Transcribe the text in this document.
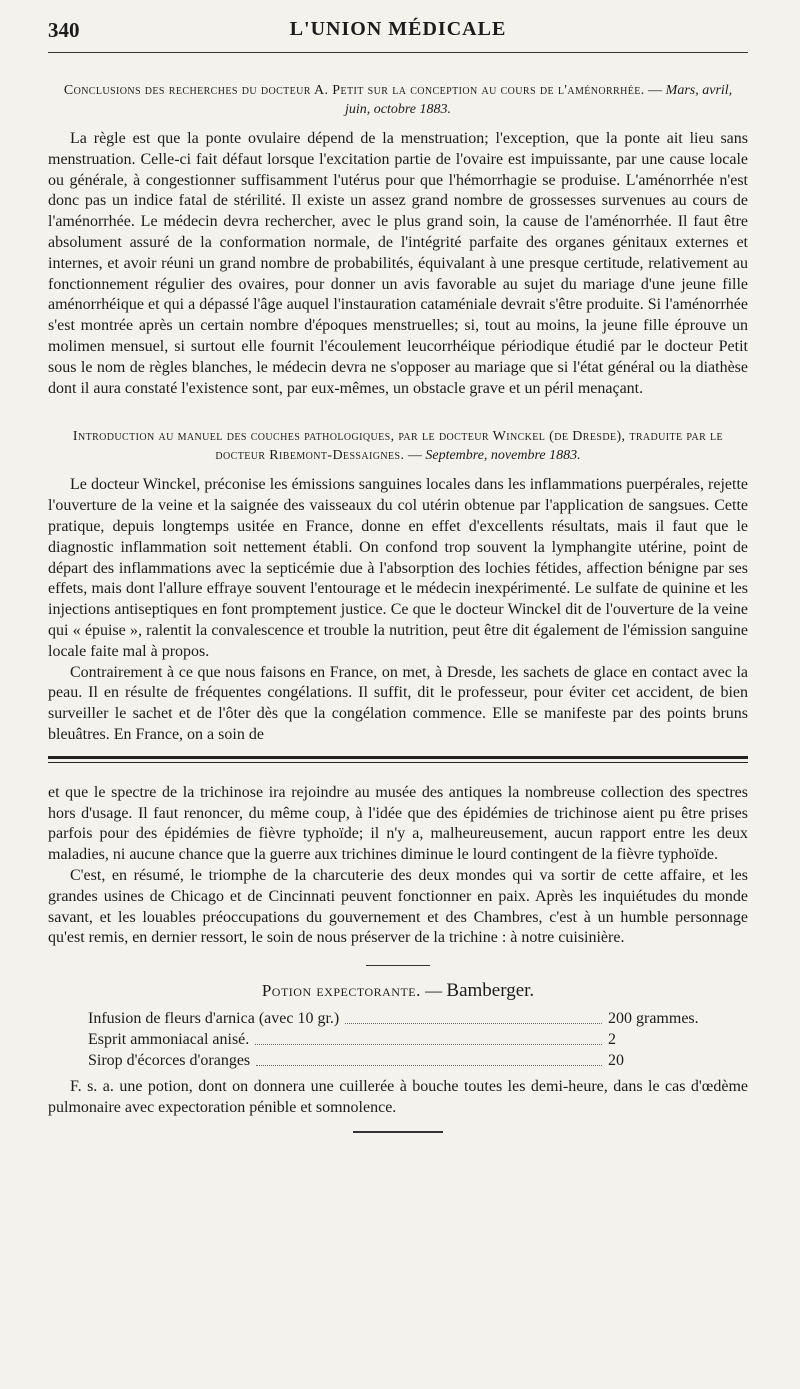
340	L'UNION MÉDICALE
Conclusions des recherches du docteur A. Petit sur la conception au cours de l'aménorrhée. — Mars, avril, juin, octobre 1883.

La règle est que la ponte ovulaire dépend de la menstruation; l'exception, que la ponte ait lieu sans menstruation. Celle-ci fait défaut lorsque l'excitation partie de l'ovaire est impuissante, par une cause locale ou générale, à congestionner suffisamment l'utérus pour que l'hémorrhagie se produise. L'aménorrhée n'est donc pas un indice fatal de stérilité. Il existe un assez grand nombre de grossesses survenues au cours de l'aménorrhée. Le médecin devra rechercher, avec le plus grand soin, la cause de l'aménorrhée. Il faut être absolument assuré de la conformation normale, de l'intégrité parfaite des organes génitaux externes et internes, et avoir réuni un grand nombre de probabilités, équivalant à une presque certitude, relativement au fonctionnement régulier des ovaires, pour donner un avis favorable au sujet du mariage d'une jeune fille aménorrhéique et qui a dépassé l'âge auquel l'instauration cataméniale devrait s'être produite. Si l'aménorrhée s'est montrée après un certain nombre d'époques menstruelles; si, tout au moins, la jeune fille éprouve un molimen mensuel, si surtout elle fournit l'écoulement leucorrhéique périodique étudié par le docteur Petit sous le nom de règles blanches, le médecin devra ne s'opposer au mariage que si l'état général ou la diathèse dont il aura constaté l'existence sont, par eux-mêmes, un obstacle grave et un péril menaçant.

Introduction au manuel des couches pathologiques, par le docteur Winckel (de Dresde), traduite par le docteur Ribemont-Dessaignes. — Septembre, novembre 1883.

Le docteur Winckel, préconise les émissions sanguines locales dans les inflammations puerpérales, rejette l'ouverture de la veine et la saignée des vaisseaux du col utérin obtenue par l'application de sangsues. Cette pratique, depuis longtemps usitée en France, donne en effet d'excellents résultats, mais il faut que le diagnostic inflammation soit nettement établi. On confond trop souvent la lymphangite utérine, point de départ des inflammations avec la septicémie due à l'absorption des lochies fétides, affection bénigne par ses effets, mais dont l'allure effraye souvent l'entourage et le médecin inexpérimenté. Le sulfate de quinine et les injections antiseptiques en font promptement justice. Ce que le docteur Winckel dit de l'ouverture de la veine qui « épuise », ralentit la convalescence et trouble la nutrition, peut être dit également de l'émission sanguine locale faite mal à propos.

Contrairement à ce que nous faisons en France, on met, à Dresde, les sachets de glace en contact avec la peau. Il en résulte de fréquentes congélations. Il suffit, dit le professeur, pour éviter cet accident, de bien surveiller le sachet et de l'ôter dès que la congélation commence. Elle se manifeste par des points bruns bleuâtres. En France, on a soin de

et que le spectre de la trichinose ira rejoindre au musée des antiques la nombreuse collection des spectres hors d'usage. Il faut renoncer, du même coup, à l'idée que des épidémies de trichinose aient pu être prises parfois pour des épidémies de fièvre typhoïde; il n'y a, malheureusement, aucun rapport entre les deux maladies, ni aucune chance que la guerre aux trichines diminue le lourd contingent de la fièvre typhoïde.

C'est, en résumé, le triomphe de la charcuterie des deux mondes qui va sortir de cette affaire, et les grandes usines de Chicago et de Cincinnati peuvent fonctionner en paix. Après les inquiétudes du monde savant, et les louables préoccupations du gouvernement et des Chambres, c'est à un humble personnage qu'est remis, en dernier ressort, le soin de nous préserver de la trichine : à notre cuisinière.

Potion expectorante. — Bamberger.
Infusion de fleurs d'arnica (avec 10 gr.)	200 grammes.
Esprit ammoniacal anisé.	2
Sirop d'écorces d'oranges	20

F. s. a. une potion, dont on donnera une cuillerée à bouche toutes les demi-heure, dans le cas d'œdème pulmonaire avec expectoration pénible et somnolence.
